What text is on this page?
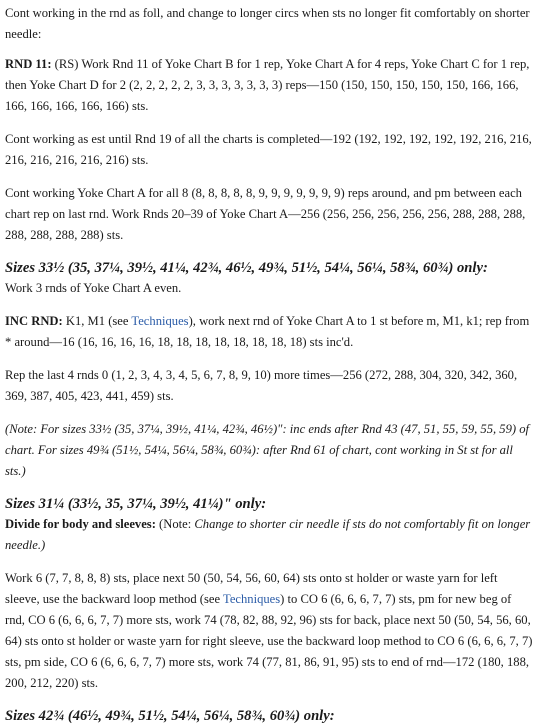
Cont working in the rnd as foll, and change to longer circs when sts no longer fit comfortably on shorter needle:

RND 11: (RS) Work Rnd 11 of Yoke Chart B for 1 rep, Yoke Chart A for 4 reps, Yoke Chart C for 1 rep, then Yoke Chart D for 2 (2, 2, 2, 2, 2, 3, 3, 3, 3, 3, 3, 3) reps—150 (150, 150, 150, 150, 150, 166, 166, 166, 166, 166, 166, 166) sts.

Cont working as est until Rnd 19 of all the charts is completed—192 (192, 192, 192, 192, 192, 216, 216, 216, 216, 216, 216, 216) sts.

Cont working Yoke Chart A for all 8 (8, 8, 8, 8, 8, 9, 9, 9, 9, 9, 9, 9) reps around, and pm between each chart rep on last rnd. Work Rnds 20–39 of Yoke Chart A—256 (256, 256, 256, 256, 256, 288, 288, 288, 288, 288, 288, 288) sts.

Sizes 33½ (35, 37¼, 39½, 41¼, 42¾, 46½, 49¾, 51½, 54¼, 56¼, 58¾, 60¾) only:
Work 3 rnds of Yoke Chart A even.

INC RND: K1, M1 (see Techniques), work next rnd of Yoke Chart A to 1 st before m, M1, k1; rep from * around—16 (16, 16, 16, 16, 18, 18, 18, 18, 18, 18, 18, 18) sts inc'd.

Rep the last 4 rnds 0 (1, 2, 3, 4, 3, 4, 5, 6, 7, 8, 9, 10) more times—256 (272, 288, 304, 320, 342, 360, 369, 387, 405, 423, 441, 459) sts.

(Note: For sizes 33½ (35, 37¼, 39½, 41¼, 42¾, 46½)": inc ends after Rnd 43 (47, 51, 55, 59, 55, 59) of chart. For sizes 49¾ (51½, 54¼, 56¼, 58¾, 60¾): after Rnd 61 of chart, cont working in St st for all sts.)

Sizes 31¼ (33½, 35, 37¼, 39½, 41¼)" only:
Divide for body and sleeves: (Note: Change to shorter cir needle if sts do not comfortably fit on longer needle.)

Work 6 (7, 7, 8, 8, 8) sts, place next 50 (50, 54, 56, 60, 64) sts onto st holder or waste yarn for left sleeve, use the backward loop method (see Techniques) to CO 6 (6, 6, 6, 7, 7) sts, pm for new beg of rnd, CO 6 (6, 6, 6, 7, 7) more sts, work 74 (78, 82, 88, 92, 96) sts for back, place next 50 (50, 54, 56, 60, 64) sts onto st holder or waste yarn for right sleeve, use the backward loop method to CO 6 (6, 6, 6, 7, 7) sts, pm side, CO 6 (6, 6, 6, 7, 7) more sts, work 74 (77, 81, 86, 91, 95) sts to end of rnd—172 (180, 188, 200, 212, 220) sts.

Sizes 42¾ (46½, 49¾, 51½, 54¼, 56¼, 58¾, 60¾) only:
